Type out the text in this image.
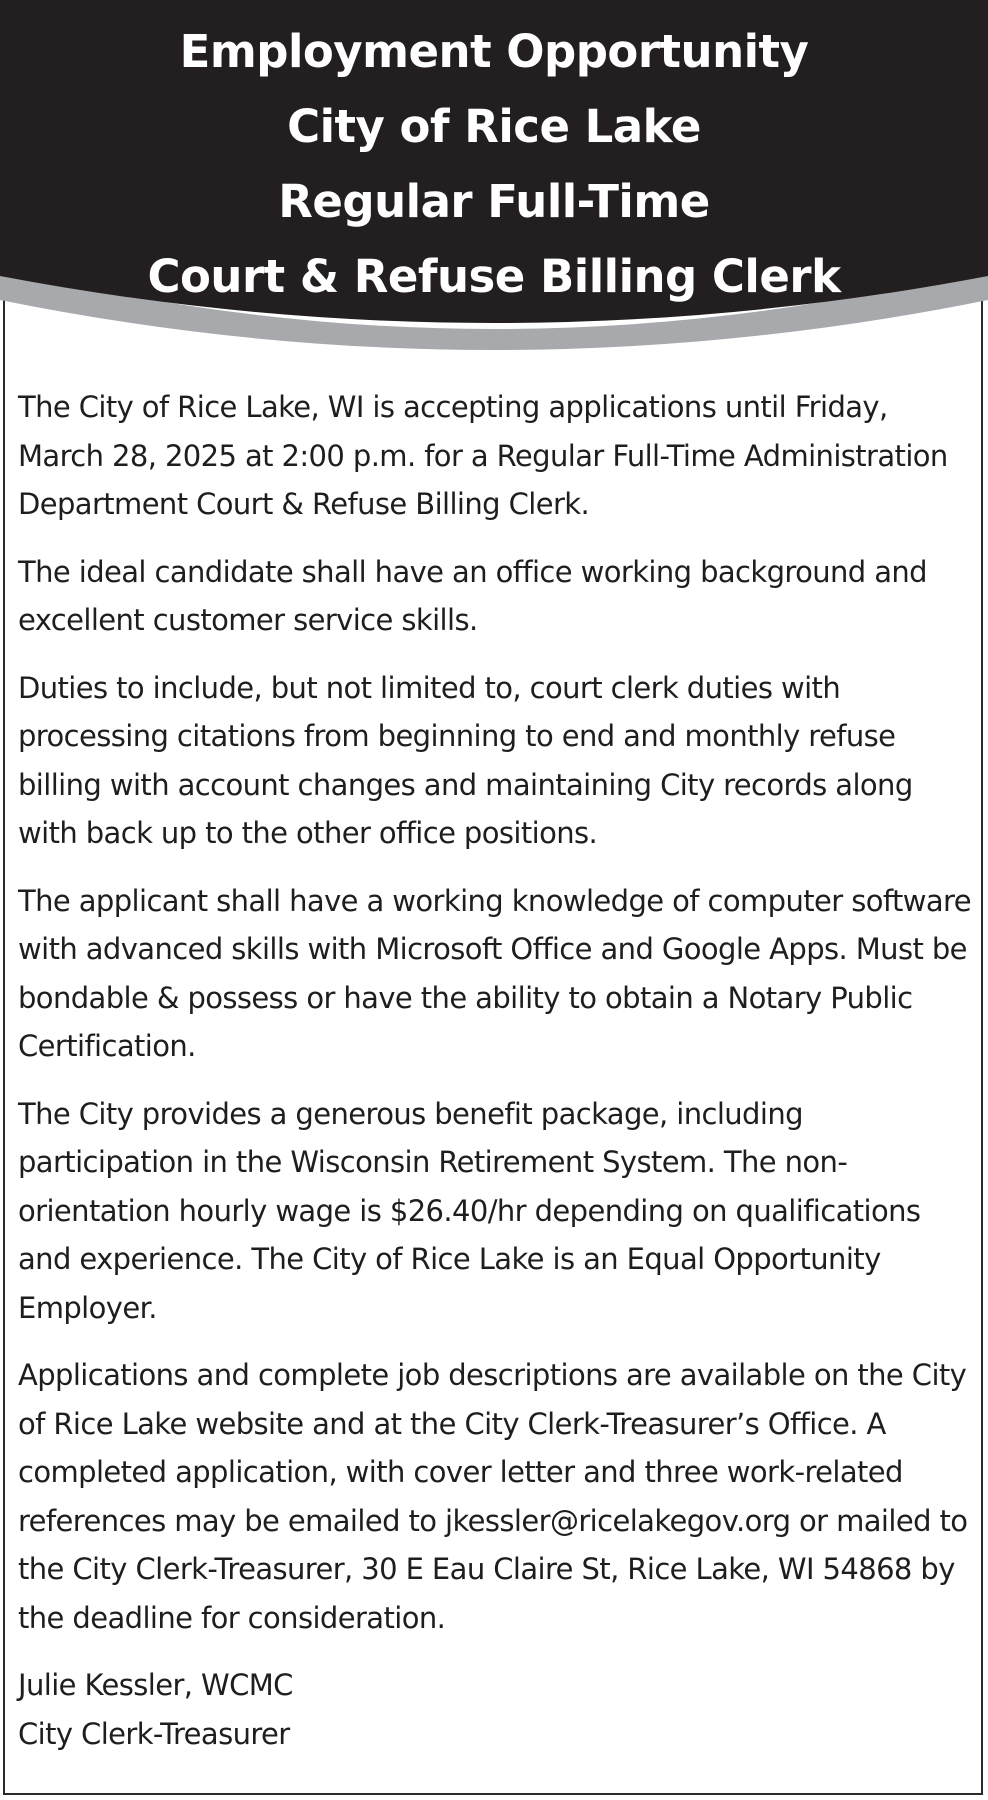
Employment Opportunity
City of Rice Lake
Regular Full-Time
Court & Refuse Billing Clerk

The City of Rice Lake, WI is accepting applications until Friday, March 28, 2025 at 2:00 p.m. for a Regular Full-Time Administration Department Court & Refuse Billing Clerk.

The ideal candidate shall have an office working background and excellent customer service skills.

Duties to include, but not limited to, court clerk duties with processing citations from beginning to end and monthly refuse billing with account changes and maintaining City records along with back up to the other office positions.

The applicant shall have a working knowledge of computer software with advanced skills with Microsoft Office and Google Apps. Must be bondable & possess or have the ability to obtain a Notary Public Certification.

The City provides a generous benefit package, including participation in the Wisconsin Retirement System. The non-orientation hourly wage is $26.40/hr depending on qualifications and experience. The City of Rice Lake is an Equal Opportunity Employer.

Applications and complete job descriptions are available on the City of Rice Lake website and at the City Clerk-Treasurer’s Office. A completed application, with cover letter and three work-related references may be emailed to jkessler@ricelakegov.org or mailed to the City Clerk-Treasurer, 30 E Eau Claire St, Rice Lake, WI 54868 by the deadline for consideration.

Julie Kessler, WCMC
City Clerk-Treasurer
